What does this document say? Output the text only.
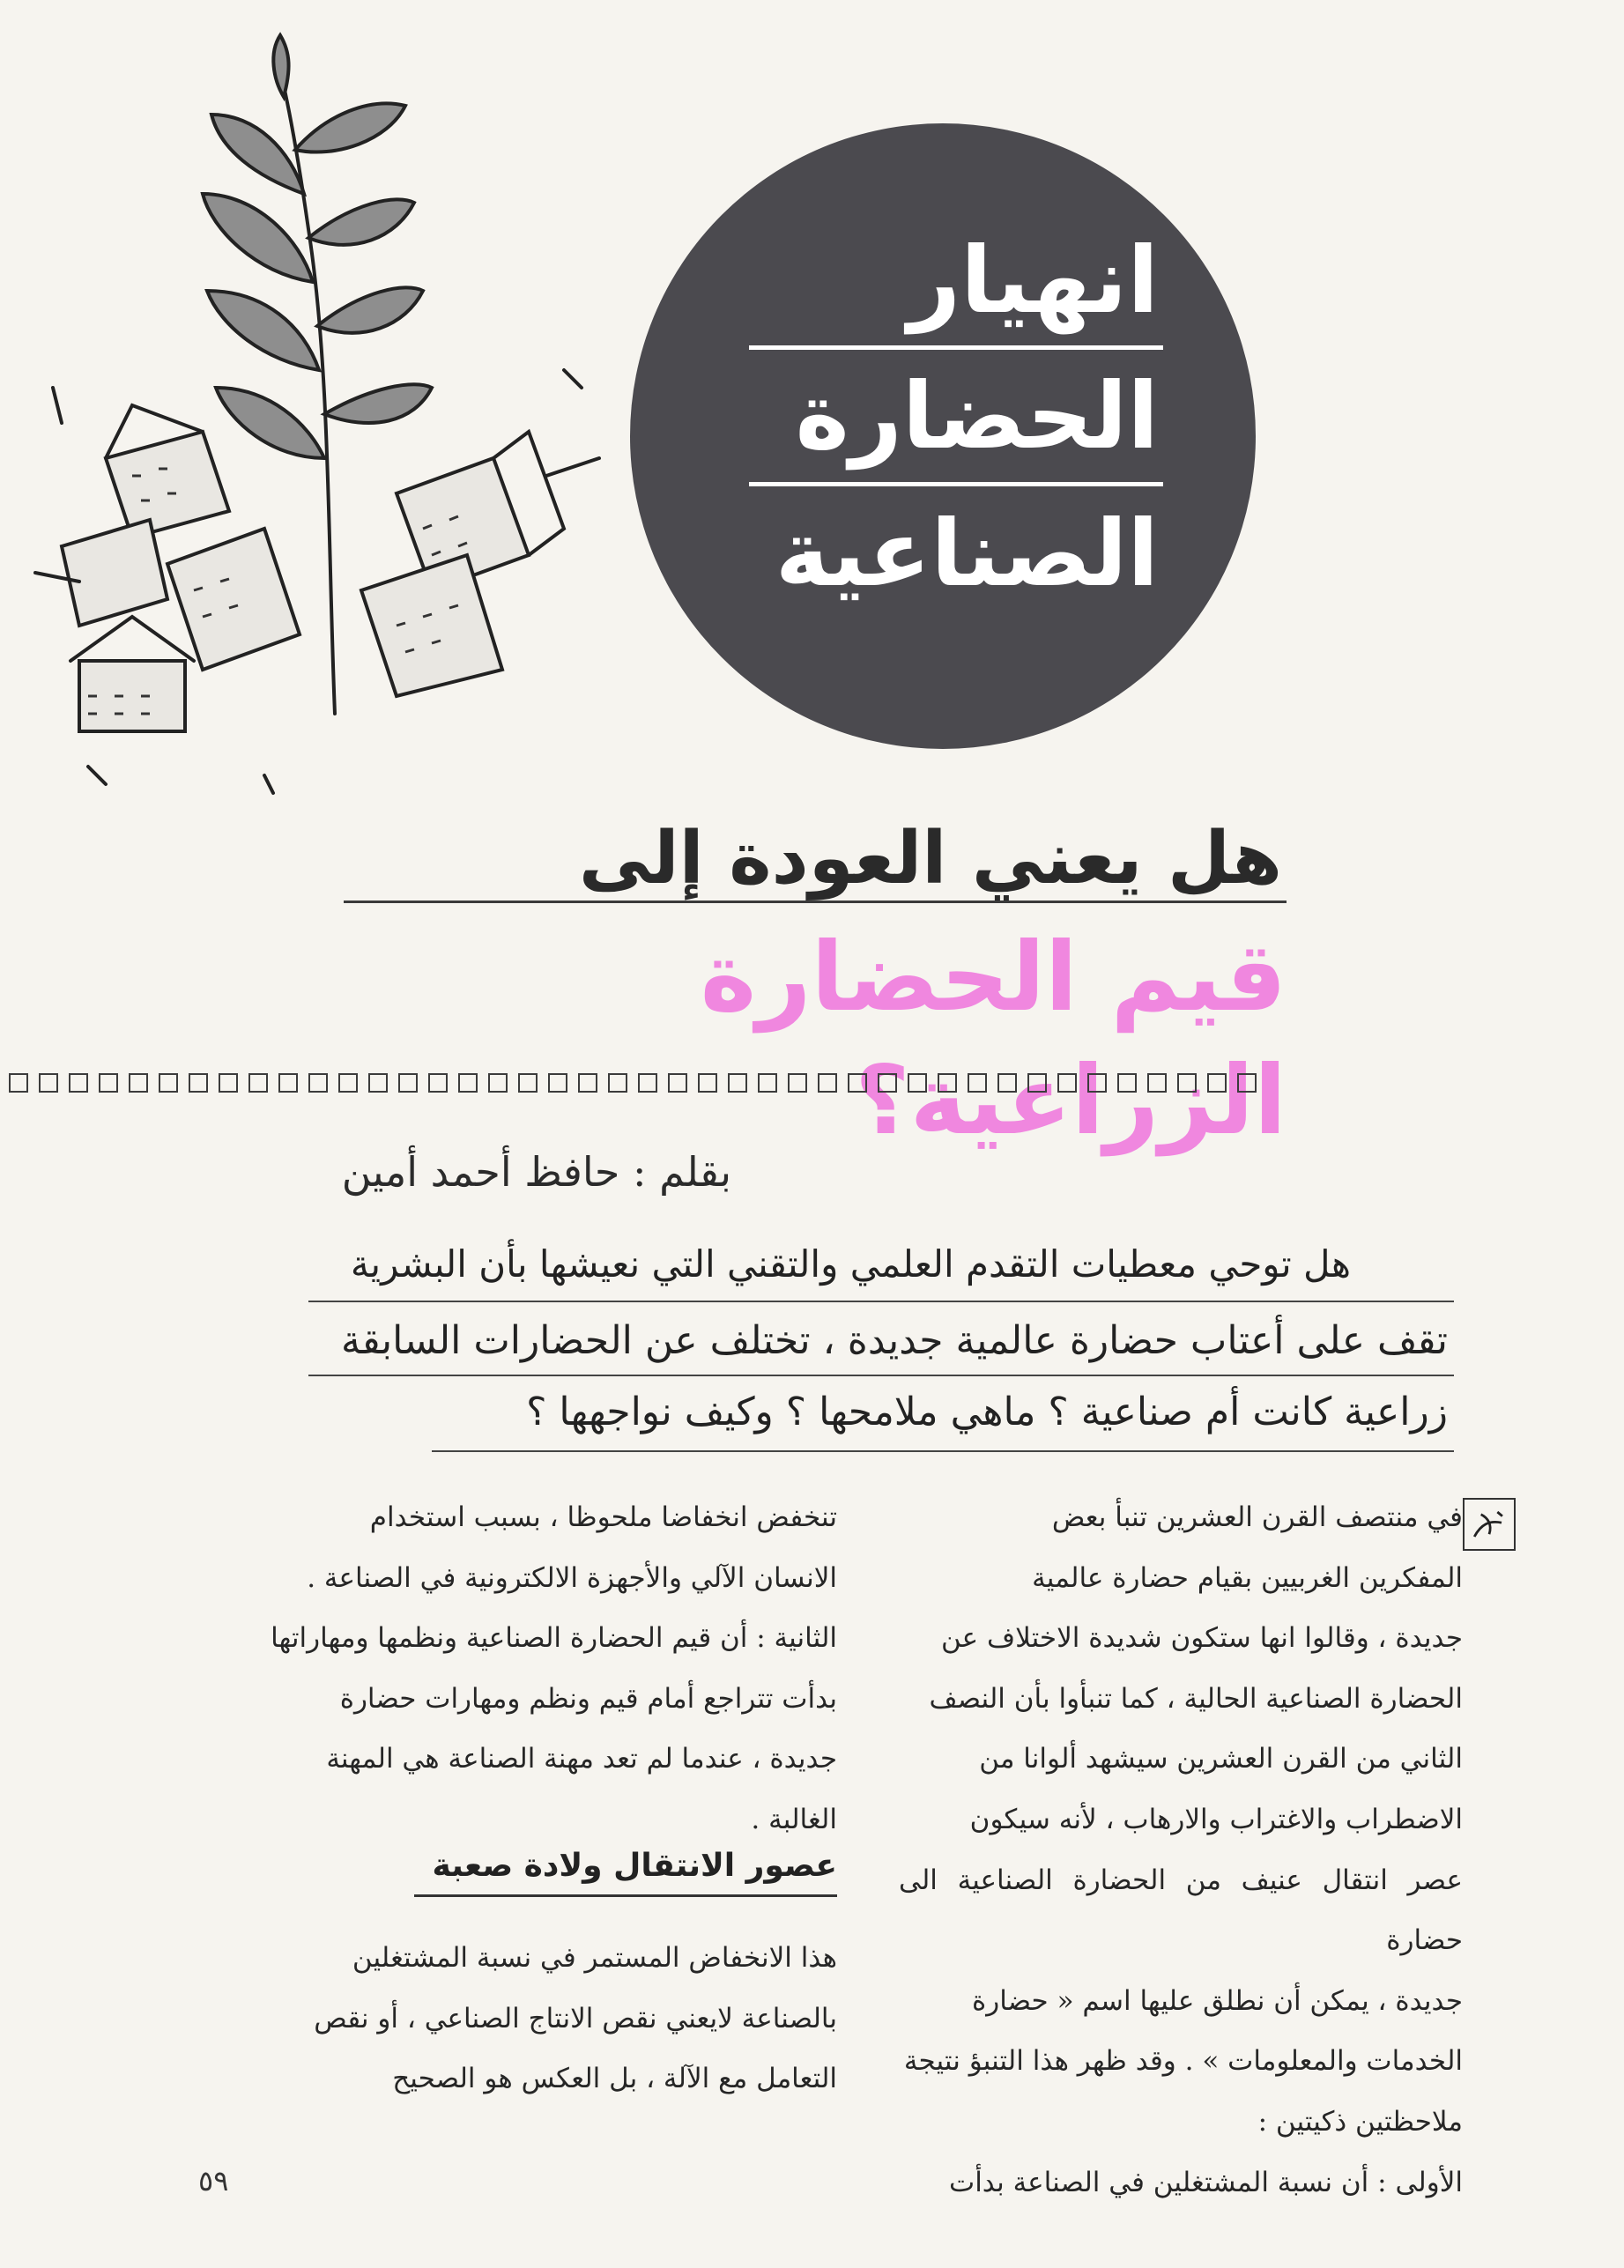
انهيار
الحضارة
الصناعية
هل يعني العودة إلى
قيم الحضارة الزراعية؟
بقلم : حافظ أحمد أمين
هل توحي معطيات التقدم العلمي والتقني التي نعيشها بأن البشرية
تقف على أعتاب حضارة عالمية جديدة ، تختلف عن الحضارات السابقة
زراعية كانت أم صناعية ؟ ماهي ملامحها ؟ وكيف نواجهها ؟

في منتصف القرن العشرين تنبأ بعض
المفكرين الغربيين بقيام حضارة عالمية
جديدة ، وقالوا انها ستكون شديدة الاختلاف عن
الحضارة الصناعية الحالية ، كما تنبأوا بأن النصف
الثاني من القرن العشرين سيشهد ألوانا من
الاضطراب والاغتراب والارهاب ، لأنه سيكون
عصر انتقال عنيف من الحضارة الصناعية الى حضارة
جديدة ، يمكن أن نطلق عليها اسم « حضارة
الخدمات والمعلومات » . وقد ظهر هذا التنبؤ نتيجة
ملاحظتين ذكيتين :
الأولى : أن نسبة المشتغلين في الصناعة بدأت

تنخفض انخفاضا ملحوظا ، بسبب استخدام
الانسان الآلي والأجهزة الالكترونية في الصناعة .
الثانية : أن قيم الحضارة الصناعية ونظمها ومهاراتها
بدأت تتراجع أمام قيم ونظم ومهارات حضارة
جديدة ، عندما لم تعد مهنة الصناعة هي المهنة
الغالبة .

عصور الانتقال ولادة صعبة

هذا الانخفاض المستمر في نسبة المشتغلين
بالصناعة لايعني نقص الانتاج الصناعي ، أو نقص
التعامل مع الآلة ، بل العكس هو الصحيح

٥٩
